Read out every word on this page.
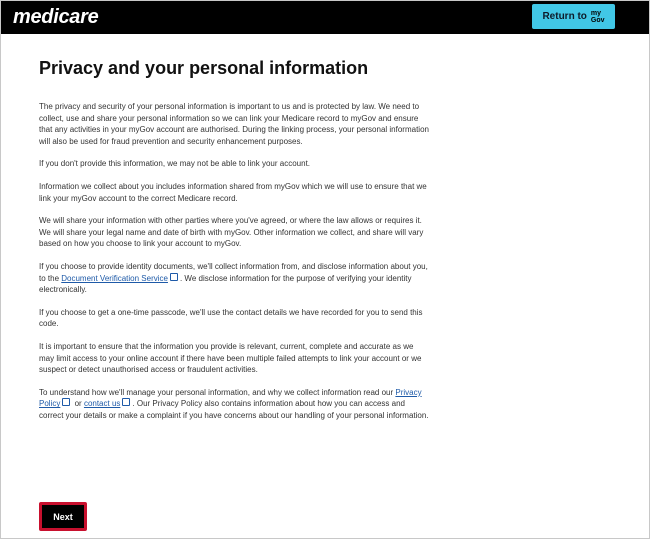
medicare	Return to my
Gov
Privacy and your personal information

The privacy and security of your personal information is important to us and is protected by law. We need to collect, use and share your personal information so we can link your Medicare record to myGov and ensure that any activities in your myGov account are authorised. During the linking process, your personal information will also be used for fraud prevention and security enhancement purposes.

If you don't provide this information, we may not be able to link your account.

Information we collect about you includes information shared from myGov which we will use to ensure that we link your myGov account to the correct Medicare record.

We will share your information with other parties where you've agreed, or where the law allows or requires it. We will share your legal name and date of birth with myGov. Other information we collect, and share will vary based on how you choose to link your account to myGov.

If you choose to provide identity documents, we'll collect information from, and disclose information about you, to the Document Verification Service . We disclose information for the purpose of verifying your identity electronically.

If you choose to get a one-time passcode, we'll use the contact details we have recorded for you to send this code.

It is important to ensure that the information you provide is relevant, current, complete and accurate as we may limit access to your online account if there have been multiple failed attempts to link your account or we suspect or detect unauthorised access or fraudulent activities.

To understand how we'll manage your personal information, and why we collect information read our Privacy Policy or contact us . Our Privacy Policy also contains information about how you can access and correct your details or make a complaint if you have concerns about our handling of your personal information.

Next
